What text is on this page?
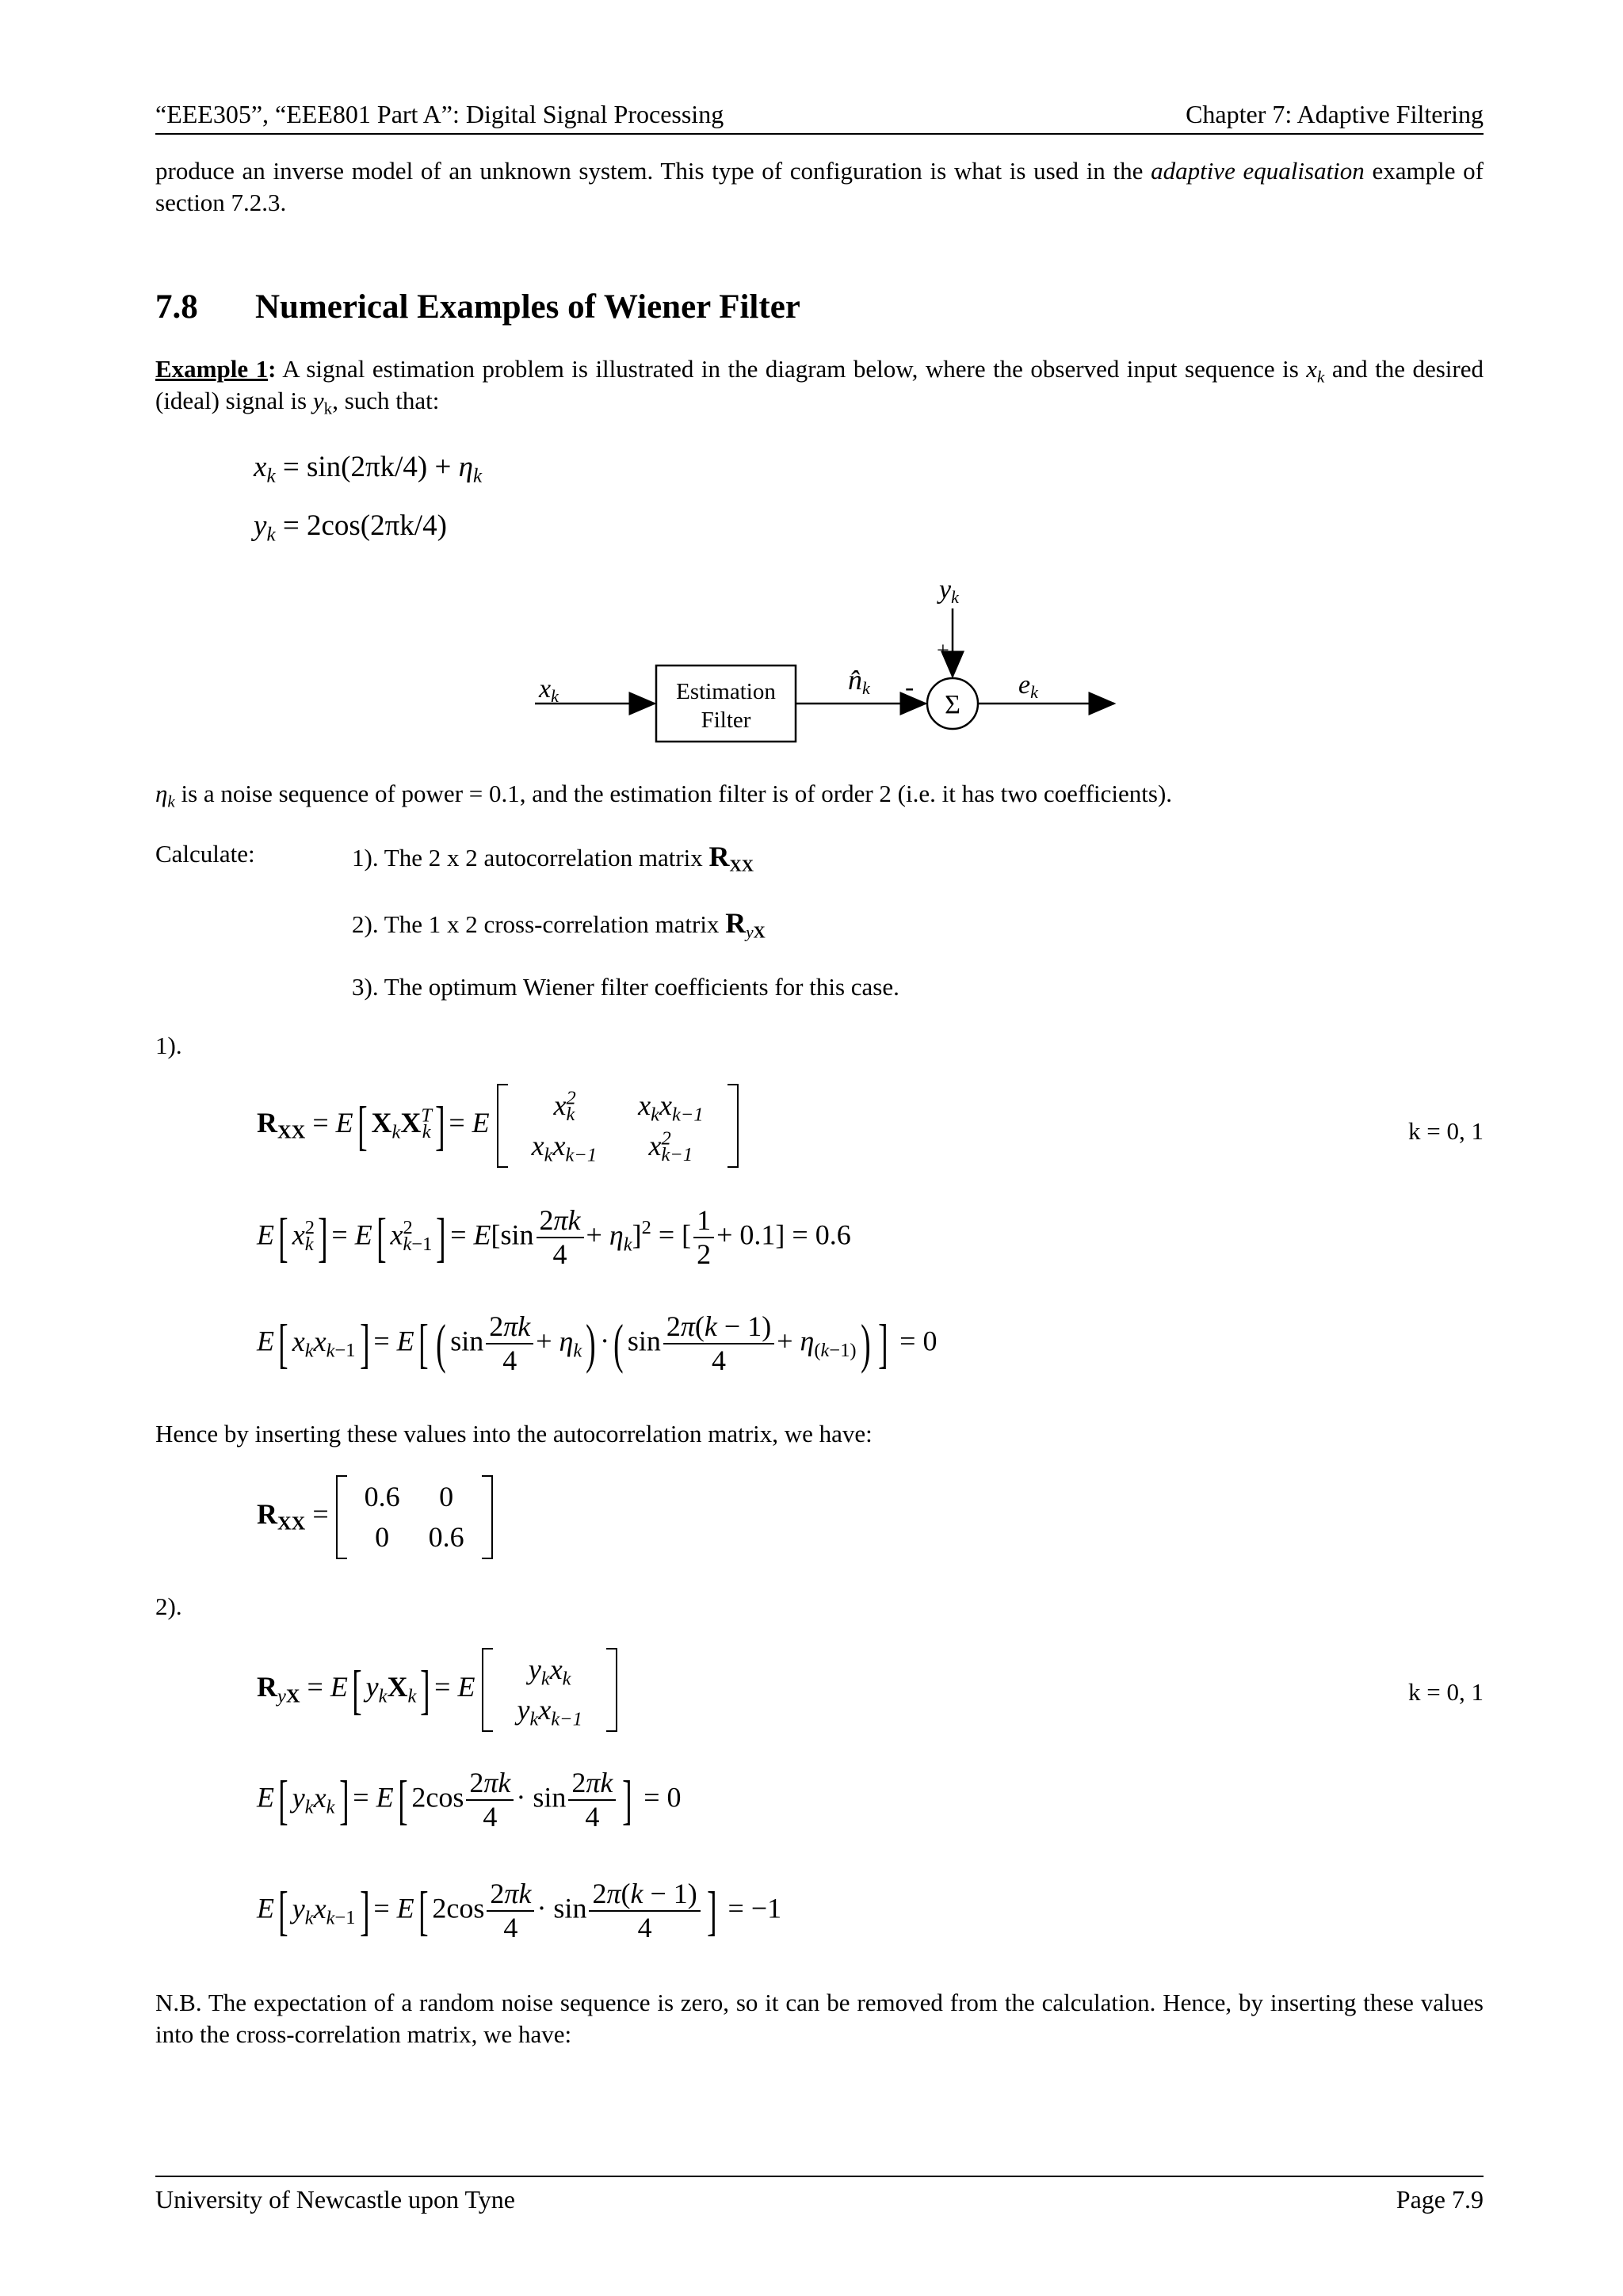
“EEE305”, “EEE801 Part A”: Digital Signal Processing	Chapter 7: Adaptive Filtering
produce an inverse model of an unknown system. This type of configuration is what is used in the adaptive equalisation example of section 7.2.3.
7.8 Numerical Examples of Wiener Filter
Example 1: A signal estimation problem is illustrated in the diagram below, where the observed input sequence is $x_k$ and the desired (ideal) signal is $y_k$, such that:
$x_k = \sin(2\pi k/4) + \eta_k$
$y_k = 2\cos(2\pi k/4)$
xk	Estimation
Filter
n̂k -
Σ
yk
+
ek
$\eta_k$ is a noise sequence of power = 0.1, and the estimation filter is of order 2 (i.e. it has two coefficients).
Calculate:	1). The 2 x 2 autocorrelation matrix $R_{XX}$
2). The 1 x 2 cross-correlation matrix $R_{yX}$
3). The optimum Wiener filter coefficients for this case.
1).
$R_{XX} = E$[ $X_kX^T_k] = E$
$x^2_k$	$x_kx_{k-1}$
$x_kx_{k-1}$	$x^2_{k-1}$
k = 0, 1
E[ $x^2_k] = E$[ $x^2_{k-1}] = E[\sin \frac{2\pi k}{4} + \eta_k]^2$ = [ $\frac{1}{2} + 0.1] = 0.6$
E[ $x_kx_{k-1}] = E$[ ( $\sin \frac{2\pi k}{4} + \eta_k$) ·( $\sin \frac{2\pi(k - 1)}{4} + \eta_{(k-1)}$) ] = 0
Hence by inserting these values into the autocorrelation matrix, we have:
$R_{XX}$ =
0.6	0
0	0.6
2).
$R_{yX} = E$[ $y_kX_k] = E$
$y_kx_k$
$y_kx_{k-1}$
k = 0, 1
E[ $y_kx_k] = E$[ $2\cos \frac{2\pi k}{4} \cdot \sin \frac{2\pi k}{4}$ ] = 0
E[ $y_kx_{k-1}] = E$[ $2\cos \frac{2\pi k}{4} \cdot \sin \frac{2\pi(k - 1)}{4}$ ] = −1
N.B. The expectation of a random noise sequence is zero, so it can be removed from the calculation. Hence, by inserting these values into the cross-correlation matrix, we have:
University of Newcastle upon Tyne	Page 7.9
